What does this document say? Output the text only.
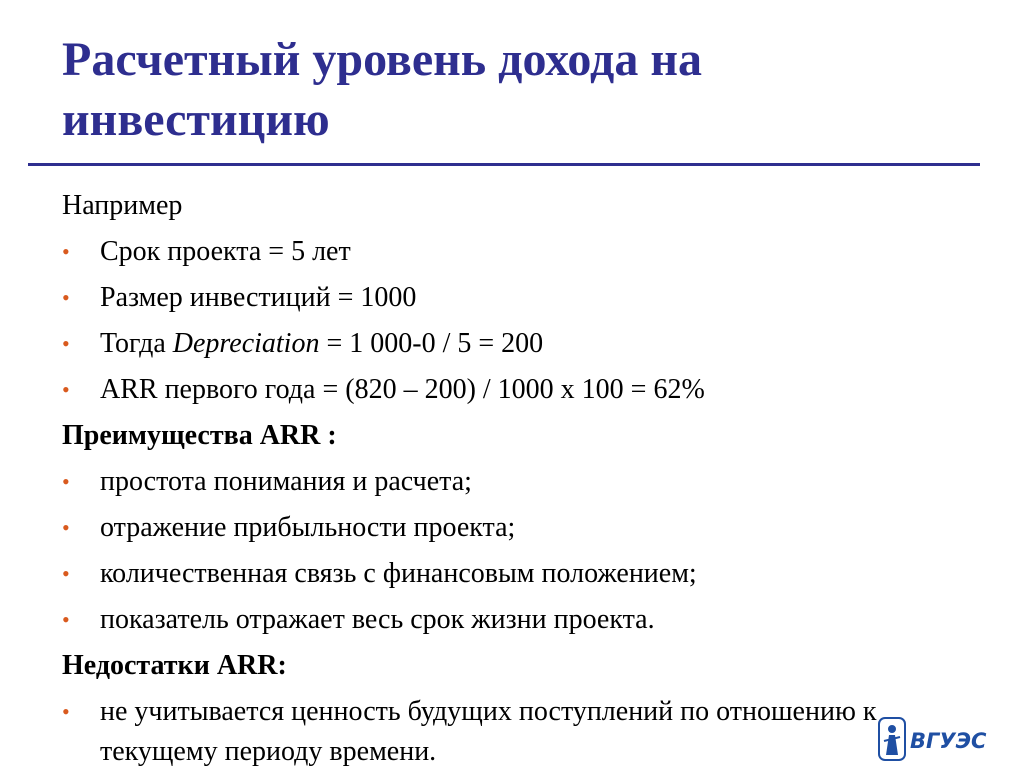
Расчетный уровень дохода на
инвестицию
Например
• Срок проекта = 5 лет
• Размер инвестиций = 1000
• Тогда Depreciation = 1 000-0 / 5 = 200
• ARR первого года = (820 – 200) / 1000 х 100 = 62%
Преимущества ARR :
• простота понимания и расчета;
• отражение прибыльности проекта;
• количественная связь с финансовым положением;
• показатель отражает весь срок жизни проекта.
Недостатки ARR:
• не учитывается ценность будущих поступлений по отношению к текущему периоду времени.	ВГУЭС
